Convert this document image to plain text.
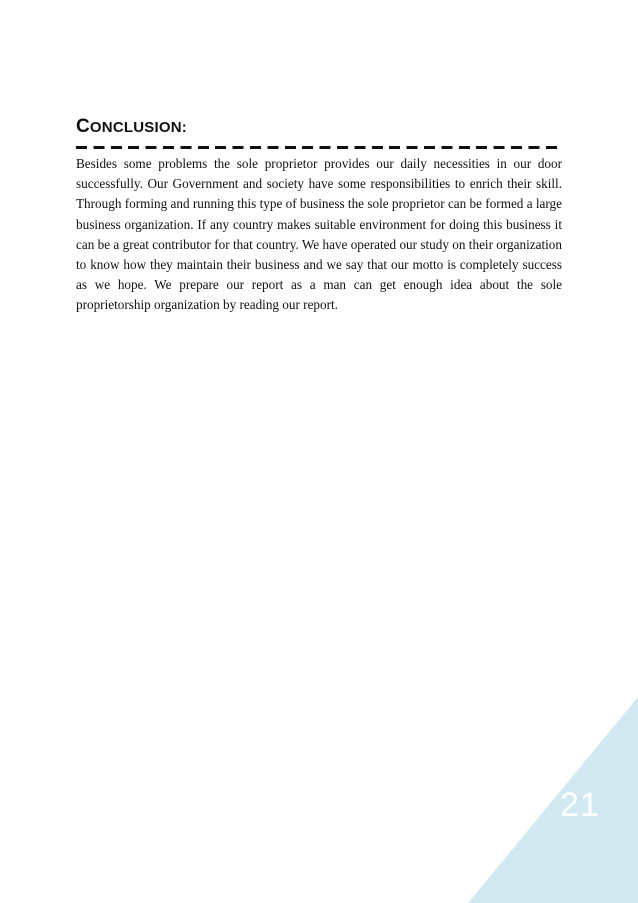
CONCLUSION:
Besides some problems the sole proprietor provides our daily necessities in our door successfully. Our Government and society have some responsibilities to enrich their skill. Through forming and running this type of business the sole proprietor can be formed a large business organization. If any country makes suitable environment for doing this business it can be a great contributor for that country. We have operated our study on their organization to know how they maintain their business and we say that our motto is completely success as we hope. We prepare our report as a man can get enough idea about the sole proprietorship organization by reading our report.
21
